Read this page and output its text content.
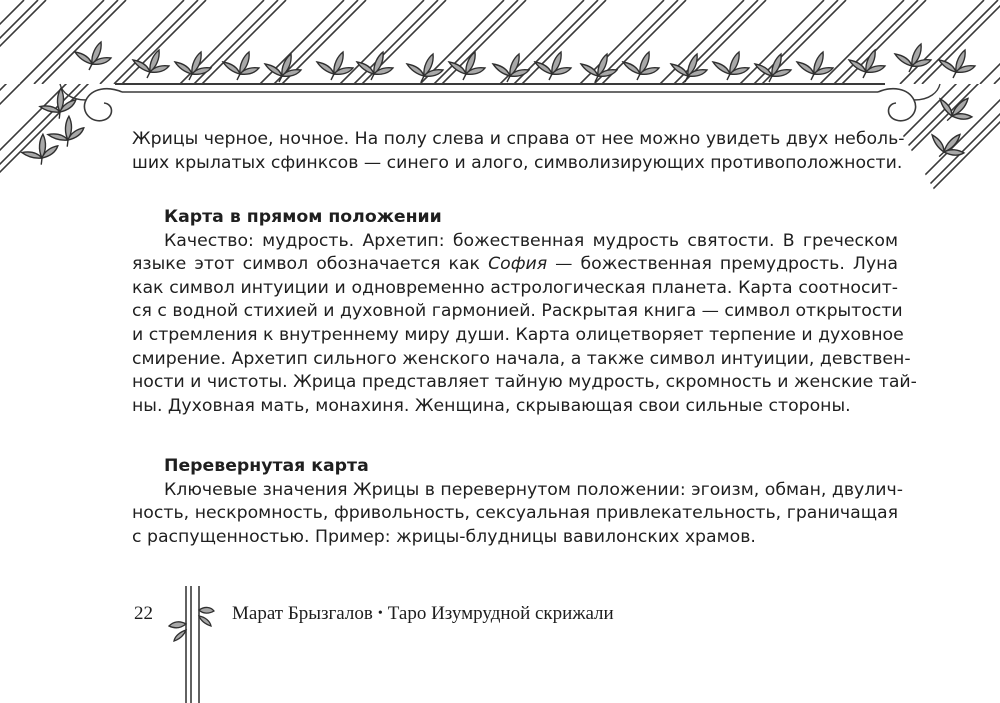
Жрицы черное, ночное. На полу слева и справа от нее можно увидеть двух неболь-
ших крылатых сфинксов — синего и алого, символизирующих противоположности.
Карта в прямом положении
Качество: мудрость. Архетип: божественная мудрость святости. В греческом
языке этот символ обозначается как София — божественная премудрость. Луна
как символ интуиции и одновременно астрологическая планета. Карта соотносит-
ся с водной стихией и духовной гармонией. Раскрытая книга — символ открытости
и стремления к внутреннему миру души. Карта олицетворяет терпение и духовное
смирение. Архетип сильного женского начала, а также символ интуиции, девствен-
ности и чистоты. Жрица представляет тайную мудрость, скромность и женские тай-
ны. Духовная мать, монахиня. Женщина, скрывающая свои сильные стороны.
Перевернутая карта
Ключевые значения Жрицы в перевернутом положении: эгоизм, обман, двулич-
ность, нескромность, фривольность, сексуальная привлекательность, граничащая
с распущенностью. Пример: жрицы-блудницы вавилонских храмов.
22	Марат Брызгалов • Таро Изумрудной скрижали
